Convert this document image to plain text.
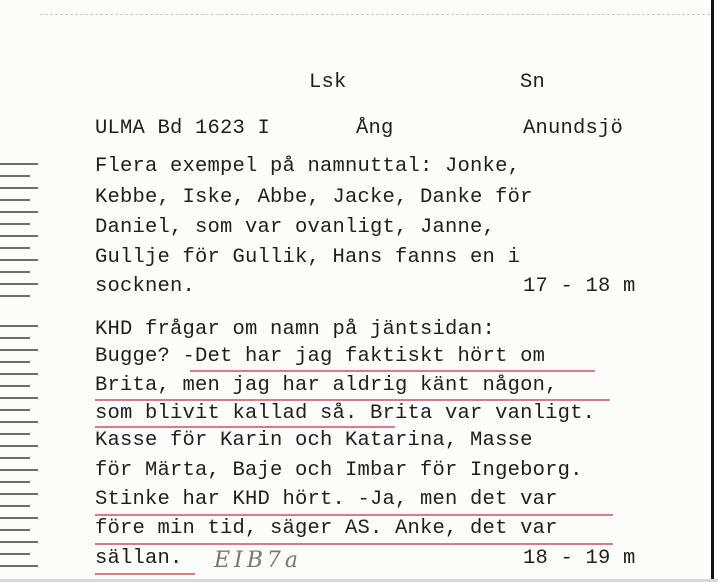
Lsk	Sn
ULMA Bd 1623 I	Ång	Anundsjö
Flera exempel på namnuttal: Jonke,
Kebbe, Iske, Abbe, Jacke, Danke för
Daniel, som var ovanligt, Janne,
Gullje för Gullik, Hans fanns en i
socknen.	17 - 18 m
KHD frågar om namn på jäntsidan:
Bugge? -Det har jag faktiskt hört om
Brita, men jag har aldrig känt någon,
som blivit kallad så. Brita var vanligt.
Kasse för Karin och Katarina, Masse
för Märta, Baje och Imbar för Ingeborg.
Stinke har KHD hört. -Ja, men det var
före min tid, säger AS. Anke, det var
sällan.	18 - 19 m
EIB7a
